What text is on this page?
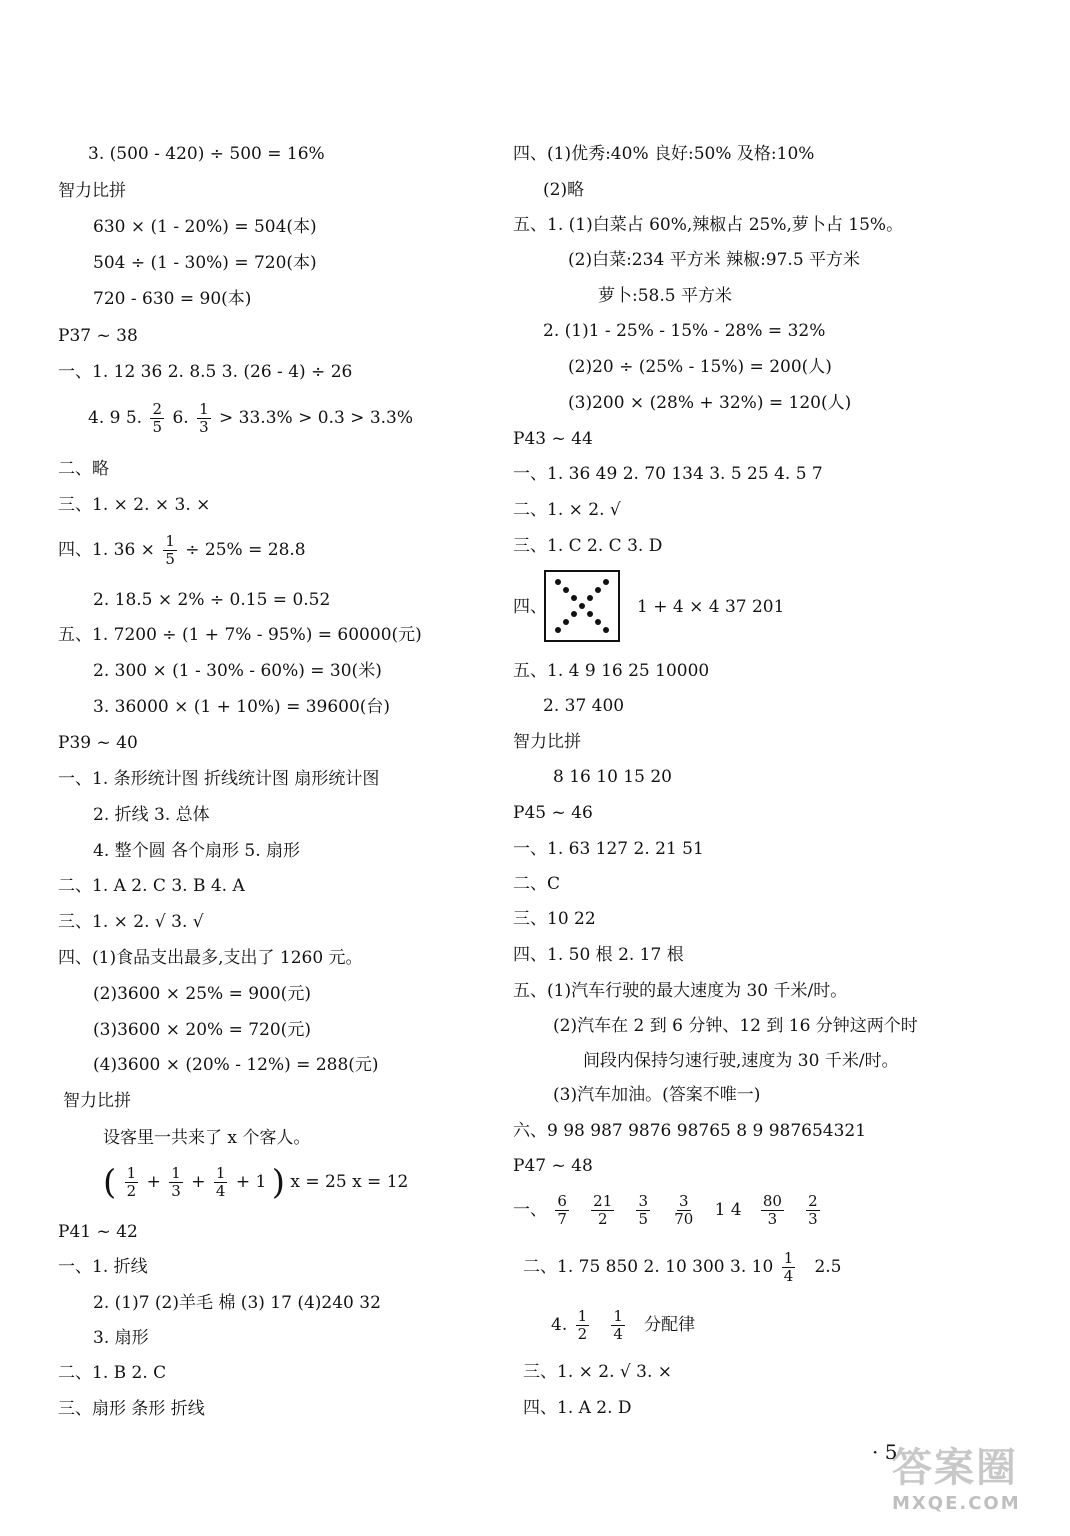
3. (500 - 420) ÷ 500 = 16%
智力比拼
630 × (1 - 20%) = 504(本)
504 ÷ (1 - 30%) = 720(本)
720 - 630 = 90(本)
P37 ~ 38
一、1. 12 36 2. 8.5 3. (26 - 4) ÷ 26
4. 9 5. $\frac{2}{5} 6$. $\frac{1}{3} > 33.3\% > 0.3 > 3.3\%$
二、略
三、1. × 2. × 3. ×
四、1. $36 \times \frac{1}{5} \div 25\% = 28.8$
2. 18.5 × 2% ÷ 0.15 = 0.52
五、1. 7200 ÷ (1 + 7% - 95%) = 60000(元)
2. 300 × (1 - 30% - 60%) = 30(米)
3. 36000 × (1 + 10%) = 39600(台)
P39 ~ 40
一、1. 条形统计图 折线统计图 扇形统计图
2. 折线 3. 总体
4. 整个圆 各个扇形 5. 扇形
二、1. A 2. C 3. B 4. A
三、1. × 2. √ 3. √
四、(1)食品支出最多,支出了 1260 元。
(2)3600 × 25% = 900(元)
(3)3600 × 20% = 720(元)
(4)3600 × (20% - 12%) = 288(元)
智力比拼
设客里一共来了 x 个客人。
( $\frac{1}{2} + \frac{1}{3} + \frac{1}{4} + 1$ ) x = 25 x = 12
P41 ~ 42
一、1. 折线
2. (1)7 (2)羊毛 棉 (3) 17 (4)240 32
3. 扇形
二、1. B 2. C
三、扇形 条形 折线
四、(1)优秀:40% 良好:50% 及格:10%
(2)略
五、1. (1)白菜占 60%,辣椒占 25%,萝卜占 15%。
(2)白菜:234 平方米 辣椒:97.5 平方米
萝卜:58.5 平方米
2. (1)1 - 25% - 15% - 28% = 32%
(2)20 ÷ (25% - 15%) = 200(人)
(3)200 × (28% + 32%) = 120(人)
P43 ~ 44
一、1. 36 49 2. 70 134 3. 5 25 4. 5 7
二、1. × 2. √
三、1. C 2. C 3. D
四、	1 + 4 × 4 37 201
五、1. 4 9 16 25 10000
2. 37 400
智力比拼
8 16 10 15 20
P45 ~ 46
一、1. 63 127 2. 21 51
二、C
三、10 22
四、1. 50 根 2. 17 根
五、(1)汽车行驶的最大速度为 30 千米/时。
(2)汽车在 2 到 6 分钟、12 到 16 分钟这两个时
间段内保持匀速行驶,速度为 30 千米/时。
(3)汽车加油。(答案不唯一)
六、9 98 987 9876 98765 8 9 987654321
P47 ~ 48
一、 $\frac{6}{7}$
$\frac{21}{2}$
$\frac{3}{5}$
$\frac{3}{70} 1$ $4 \frac{80}{3}$
$\frac{2}{3}$
二、1. 75 850 2. 10 300 3. $10 \frac{1}{4} 2.5$
4. $\frac{1}{2}$
$\frac{1}{4}$ 分配律
三、1. × 2. √ 3. ×
四、1. A 2. D
· 5
答案圈
MXQE.COM
